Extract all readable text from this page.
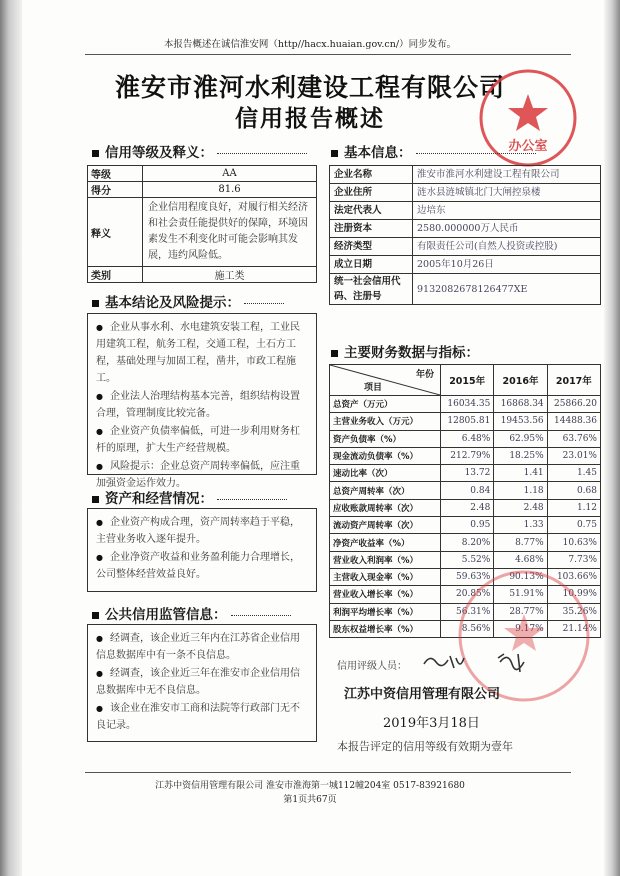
本报告概述在诚信淮安网（http//hacx.huaian.gov.cn/）同步发布。
淮安市淮河水利建设工程有限公司
信用报告概述
办公室
信用等级及释义：
等级	AA
得分	81.6
释义	企业信用程度良好，对履行相关经济和社会责任能提供好的保障，环境因素发生不利变化时可能会影响其发展，违约风险低。
类别	施工类
基本信息：
企业名称	淮安市淮河水利建设工程有限公司
企业住所	涟水县涟城镇北门大闸控泉楼
法定代表人	边培东
注册资本	2580.000000万人民币
经济类型	有限责任公司(自然人投资或控股)
成立日期	2005年10月26日
统一社会信用代码、注册号	91320826781264​77XE
基本结论及风险提示：

● 企业从事水利、水电建筑安装工程，工业民用建筑工程，航务工程，交通工程，土石方工程，基础处理与加固工程，凿井，市政工程施工。

● 企业法人治理结构基本完善，组织结构设置合理，管理制度比较完备。

● 企业资产负债率偏低，可进一步利用财务杠杆的原理，扩大生产经营规模。

● 风险提示：企业总资产周转率偏低，应注重加强资金运作效力。

资产和经营情况：

● 企业资产构成合理，资产周转率趋于平稳，主营业务收入逐年提升。

● 企业净资产收益和业务盈利能力合理增长，公司整体经营效益良好。

公共信用监管信息：

● 经调查，该企业近三年内在江苏省企业信用信息数据库中有一条不良信息。

● 经调查，该企业近三年在淮安市企业信用信息数据库中无不良信息。

● 该企业在淮安市工商和法院等行政部门无不良记录。

主要财务数据与指标：
年份
项目	2015年	2016年	2017年
总资产（万元）	16034.35	16868.34	25866.20
主营业务收入（万元）	12805.81	19453.56	14488.36
资产负债率（%）	6.48%	62.95%	63.76%
现金流动负债率（%）	212.79%	18.25%	23.01%
速动比率（次）	13.72	1.41	1.45
总资产周转率（次）	0.84	1.18	0.68
应收账款周转率（次）	2.48	2.48	1.12
流动资产周转率（次）	0.95	1.33	0.75
净资产收益率（%）	8.20%	8.77%	10.63%
营业收入利润率（%）	5.52%	4.68%	7.73%
主营收入现金率（%）	59.63%	90.13%	103.66%
营业收入增长率（%）	20.85%	51.91%	10.99%
利润平均增长率（%）	56.31%	28.77%	35.26%
股东权益增长率（%）	8.56%	9.17%	21.14%
信用评级人员：
江苏中资信用管理有限公司
2019年3月18日
本报告评定的信用等级有效期为壹年
江苏中资信用管理有限公司 淮安市淮海第一城112幢204室 0517-83921680
第1页共67页
